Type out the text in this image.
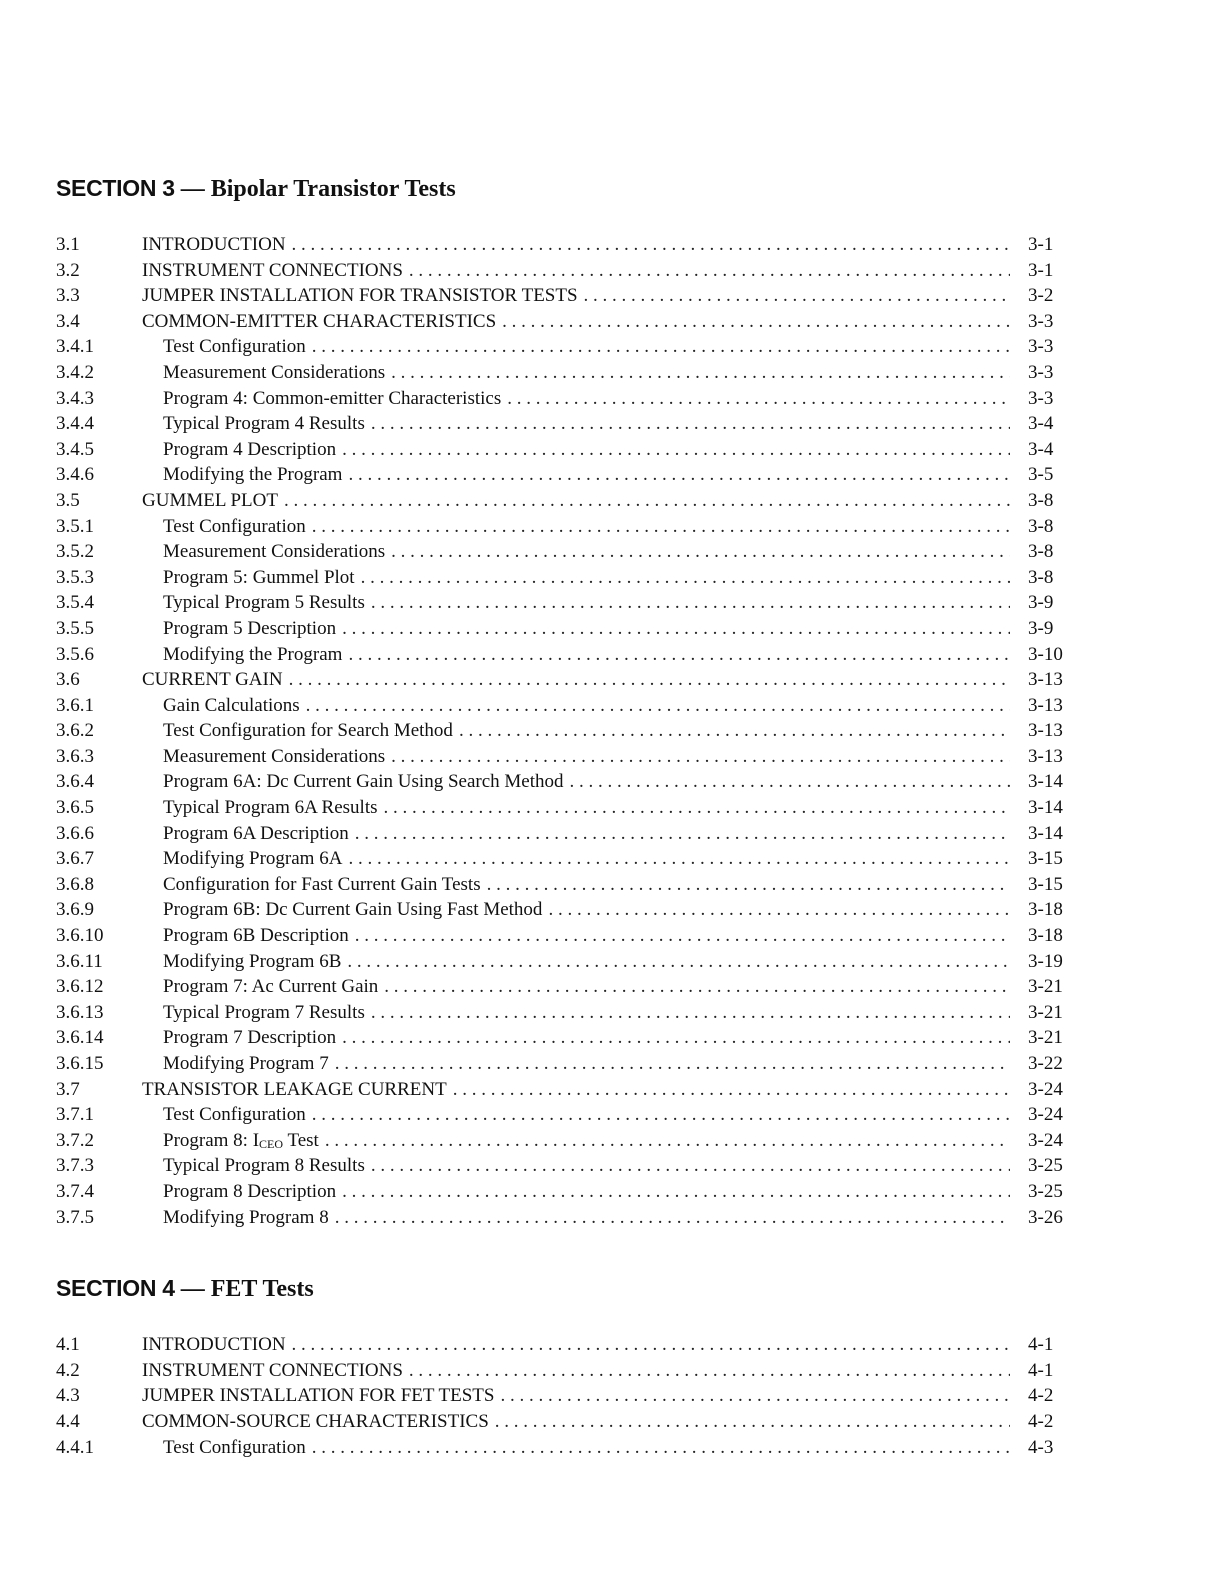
SECTION 3 — Bipolar Transistor Tests
3.1	INTRODUCTION . . .	3-1
3.2	INSTRUMENT CONNECTIONS . . .	3-1
3.3	JUMPER INSTALLATION FOR TRANSISTOR TESTS . . .	3-2
3.4	COMMON-EMITTER CHARACTERISTICS . . .	3-3
3.4.1	Test Configuration . . .	3-3
3.4.2	Measurement Considerations . . .	3-3
3.4.3	Program 4: Common-emitter Characteristics . . .	3-3
3.4.4	Typical Program 4 Results . . .	3-4
3.4.5	Program 4 Description . . .	3-4
3.4.6	Modifying the Program . . .	3-5
3.5	GUMMEL PLOT . . .	3-8
3.5.1	Test Configuration . . .	3-8
3.5.2	Measurement Considerations . . .	3-8
3.5.3	Program 5: Gummel Plot . . .	3-8
3.5.4	Typical Program 5 Results . . .	3-9
3.5.5	Program 5 Description . . .	3-9
3.5.6	Modifying the Program . . .	3-10
3.6	CURRENT GAIN . . .	3-13
3.6.1	Gain Calculations . . .	3-13
3.6.2	Test Configuration for Search Method . . .	3-13
3.6.3	Measurement Considerations . . .	3-13
3.6.4	Program 6A: Dc Current Gain Using Search Method . . .	3-14
3.6.5	Typical Program 6A Results . . .	3-14
3.6.6	Program 6A Description . . .	3-14
3.6.7	Modifying Program 6A . . .	3-15
3.6.8	Configuration for Fast Current Gain Tests . . .	3-15
3.6.9	Program 6B: Dc Current Gain Using Fast Method . . .	3-18
3.6.10	Program 6B Description . . .	3-18
3.6.11	Modifying Program 6B . . .	3-19
3.6.12	Program 7: Ac Current Gain . . .	3-21
3.6.13	Typical Program 7 Results . . .	3-21
3.6.14	Program 7 Description . . .	3-21
3.6.15	Modifying Program 7 . . .	3-22
3.7	TRANSISTOR LEAKAGE CURRENT . . .	3-24
3.7.1	Test Configuration . . .	3-24
3.7.2	Program 8: ICEO Test . . .	3-24
3.7.3	Typical Program 8 Results . . .	3-25
3.7.4	Program 8 Description . . .	3-25
3.7.5	Modifying Program 8 . . .	3-26
SECTION 4 — FET Tests
4.1	INTRODUCTION . . .	4-1
4.2	INSTRUMENT CONNECTIONS . . .	4-1
4.3	JUMPER INSTALLATION FOR FET TESTS . . .	4-2
4.4	COMMON-SOURCE CHARACTERISTICS . . .	4-2
4.4.1	Test Configuration . . .	4-3
